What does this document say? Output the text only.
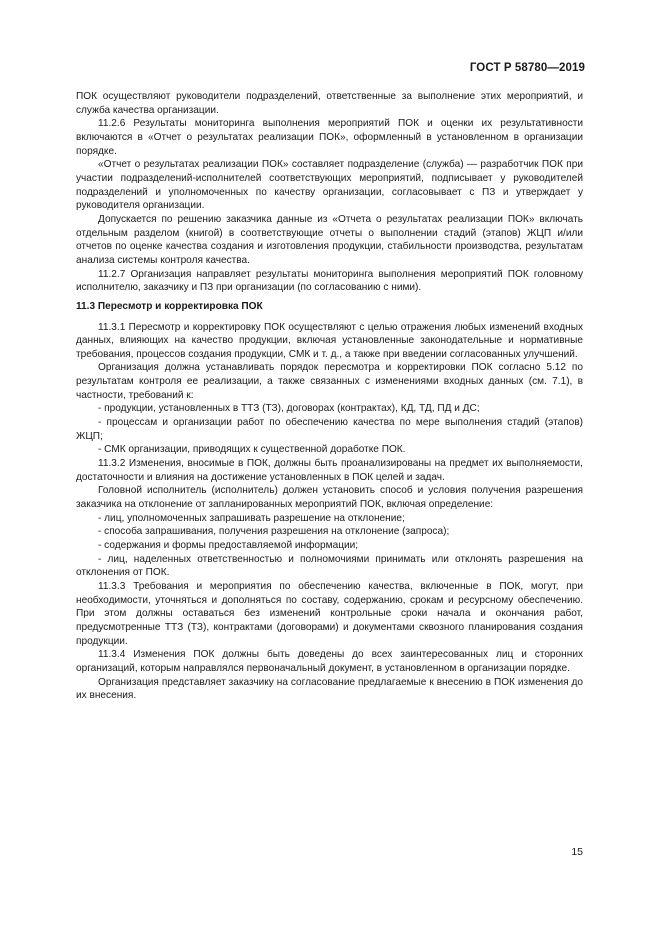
ГОСТ Р 58780—2019

ПОК осуществляют руководители подразделений, ответственные за выполнение этих мероприятий, и служба качества организации.

11.2.6 Результаты мониторинга выполнения мероприятий ПОК и оценки их результативности включаются в «Отчет о результатах реализации ПОК», оформленный в установленном в организации порядке.

«Отчет о результатах реализации ПОК» составляет подразделение (служба) — разработчик ПОК при участии подразделений-исполнителей соответствующих мероприятий, подписывает у руководителей подразделений и уполномоченных по качеству организации, согласовывает с ПЗ и утверждает у руководителя организации.

Допускается по решению заказчика данные из «Отчета о результатах реализации ПОК» включать отдельным разделом (книгой) в соответствующие отчеты о выполнении стадий (этапов) ЖЦП и/или отчетов по оценке качества создания и изготовления продукции, стабильности производства, результатам анализа системы контроля качества.

11.2.7 Организация направляет результаты мониторинга выполнения мероприятий ПОК головному исполнителю, заказчику и ПЗ при организации (по согласованию с ними).

11.3 Пересмотр и корректировка ПОК

11.3.1 Пересмотр и корректировку ПОК осуществляют с целью отражения любых изменений входных данных, влияющих на качество продукции, включая установленные законодательные и нормативные требования, процессов создания продукции, СМК и т. д., а также при введении согласованных улучшений.

Организация должна устанавливать порядок пересмотра и корректировки ПОК согласно 5.12 по результатам контроля ее реализации, а также связанных с изменениями входных данных (см. 7.1), в частности, требований к:

- продукции, установленных в ТТЗ (ТЗ), договорах (контрактах), КД, ТД, ПД и ДС;

- процессам и организации работ по обеспечению качества по мере выполнения стадий (этапов) ЖЦП;

- СМК организации, приводящих к существенной доработке ПОК.

11.3.2 Изменения, вносимые в ПОК, должны быть проанализированы на предмет их выполняемости, достаточности и влияния на достижение установленных в ПОК целей и задач.

Головной исполнитель (исполнитель) должен установить способ и условия получения разрешения заказчика на отклонение от запланированных мероприятий ПОК, включая определение:

- лиц, уполномоченных запрашивать разрешение на отклонение;

- способа запрашивания, получения разрешения на отклонение (запроса);

- содержания и формы предоставляемой информации;

- лиц, наделенных ответственностью и полномочиями принимать или отклонять разрешения на отклонения от ПОК.

11.3.3 Требования и мероприятия по обеспечению качества, включенные в ПОК, могут, при необходимости, уточняться и дополняться по составу, содержанию, срокам и ресурсному обеспечению. При этом должны оставаться без изменений контрольные сроки начала и окончания работ, предусмотренные ТТЗ (ТЗ), контрактами (договорами) и документами сквозного планирования создания продукции.

11.3.4 Изменения ПОК должны быть доведены до всех заинтересованных лиц и сторонних организаций, которым направлялся первоначальный документ, в установленном в организации порядке.

Организация представляет заказчику на согласование предлагаемые к внесению в ПОК изменения до их внесения.

15
